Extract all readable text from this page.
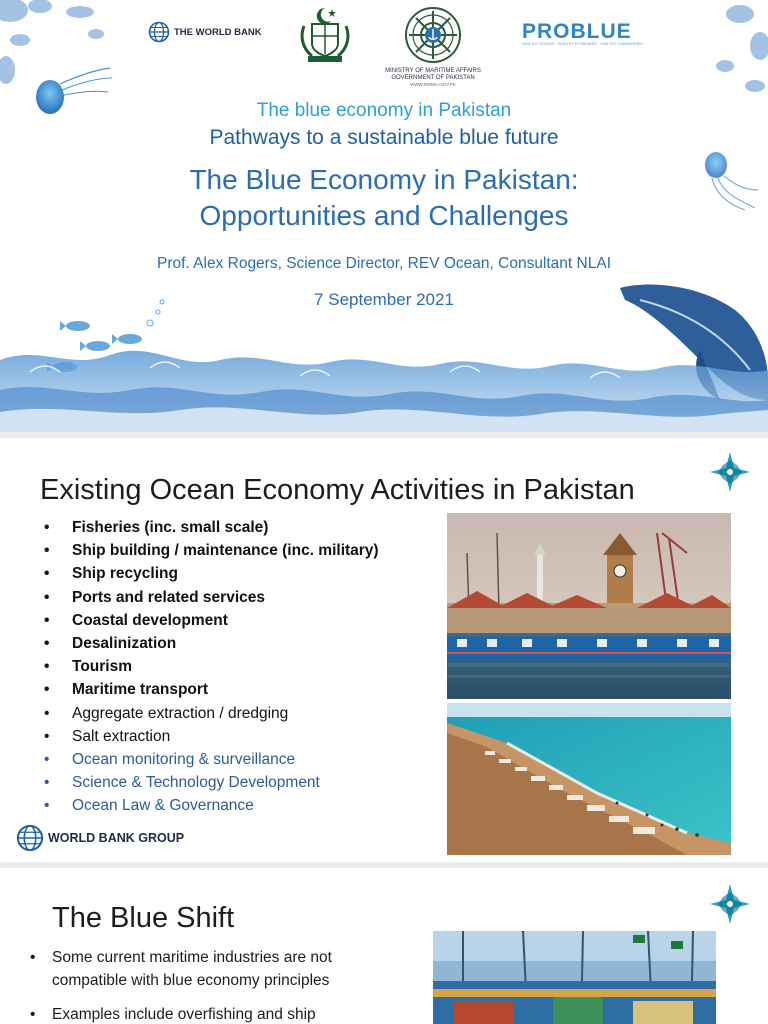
THE WORLD BANK
MINISTRY OF MARITIME AFFAIRS
GOVERNMENT OF PAKISTAN
WWW.MOMA.GOV.PK
PROBLUE
HEALTHY OCEANS · HEALTHY ECONOMIES · HEALTHY COMMUNITIES
The blue economy in Pakistan
Pathways to a sustainable blue future
The Blue Economy in Pakistan:
Opportunities and Challenges
Prof. Alex Rogers, Science Director, REV Ocean, Consultant NLAI
7 September 2021
Existing Ocean Economy Activities in Pakistan
• Fisheries (inc. small scale)
• Ship building / maintenance (inc. military)
• Ship recycling
• Ports and related services
• Coastal development
• Desalinization
• Tourism
• Maritime transport
• Aggregate extraction / dredging
• Salt extraction
• Ocean monitoring & surveillance
• Science & Technology Development
• Ocean Law & Governance
WORLD BANK GROUP
The Blue Shift
• Some current maritime industries are not compatible with blue economy principles
• Examples include overfishing and ship
